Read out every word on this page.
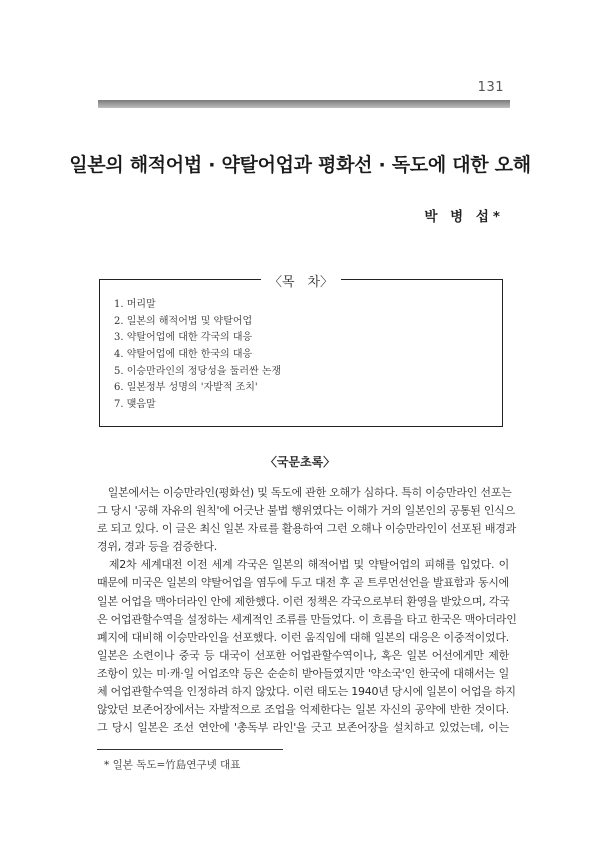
131
일본의 해적어법 · 약탈어업과 평화선 · 독도에 대한 오해
박 병 섭*
〈목　차〉
1. 머리말
2. 일본의 해적어법 및 약탈어업
3. 약탈어업에 대한 각국의 대응
4. 약탈어업에 대한 한국의 대응
5. 이승만라인의 정당성을 둘러싼 논쟁
6. 일본정부 성명의 '자발적 조치'
7. 맺음말
〈국문초록〉
　일본에서는 이승만라인(평화선) 및 독도에 관한 오해가 심하다. 특히 이승만라인 선포는
그 당시 '공해 자유의 원칙'에 어긋난 불법 행위였다는 이해가 거의 일본인의 공통된 인식으
로 되고 있다. 이 글은 최신 일본 자료를 활용하여 그런 오해나 이승만라인이 선포된 배경과
경위, 경과 등을 검증한다.
　제2차 세계대전 이전 세계 각국은 일본의 해적어법 및 약탈어업의 피해를 입었다. 이
때문에 미국은 일본의 약탈어업을 염두에 두고 대전 후 곧 트루먼선언을 발표함과 동시에
일본 어업을 맥아더라인 안에 제한했다. 이런 정책은 각국으로부터 환영을 받았으며, 각국
은 어업관할수역을 설정하는 세계적인 조류를 만들었다. 이 흐름을 타고 한국은 맥아더라인
폐지에 대비해 이승만라인을 선포했다. 이런 움직임에 대해 일본의 대응은 이중적이었다.
일본은 소련이나 중국 등 대국이 선포한 어업관할수역이나, 혹은 일본 어선에게만 제한
조항이 있는 미·캐·일 어업조약 등은 순순히 받아들였지만 '약소국'인 한국에 대해서는 일
체 어업관할수역을 인정하려 하지 않았다. 이런 태도는 1940년 당시에 일본이 어업을 하지
않았던 보존어장에서는 자발적으로 조업을 억제한다는 일본 자신의 공약에 반한 것이다.
그 당시 일본은 조선 연안에 '총독부 라인'을 긋고 보존어장을 설치하고 있었는데, 이는
* 일본 독도=竹島연구넷 대표
